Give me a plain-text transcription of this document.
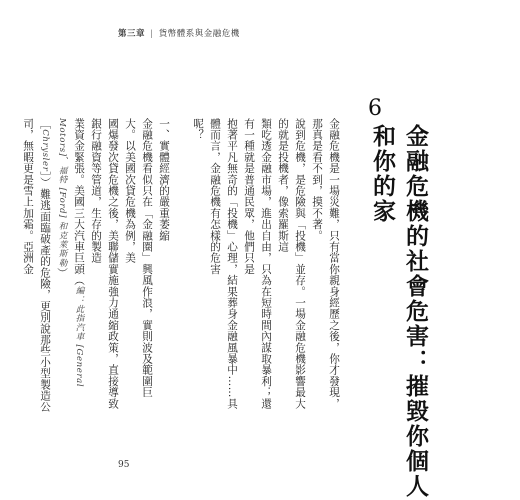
第三章 | 貨幣體系與金融危機
6
金融危機的社會危害：摧毀你個人和你的家

金融危機是一場災難，只有當你親身經歷之後，你才發現，那真是看不到，摸不著。

說到危機，是危險與「投機」並存。一場金融危機影響最大的就是投機者，像索羅斯這

類吃透金融市場，進出自由，只為在短時間內謀取暴利；還有一種就是普通民眾，他們只是

抱著平凡無奇的「投機」心理，結果葬身金融風暴中……具體而言，金融危機有怎樣的危害

呢？

一、實體經濟的嚴重萎縮

金融危機看似只在「金融圈」興風作浪，實則波及範圍巨大。以美國次貸危機為例，美

國爆發次貸危機之後，美聯儲實施強力通縮政策，直接導致銀行融資等管道，生存的製造

業資金緊張。美國三大汽車巨頭（編：此指汽車 [General Motors]、福特 [Ford] 和克萊斯勒）

［Chrysler］）難逃面臨破產的危險，更別說那些小型製造公司，無暇更是雪上加霜。亞洲金

95
